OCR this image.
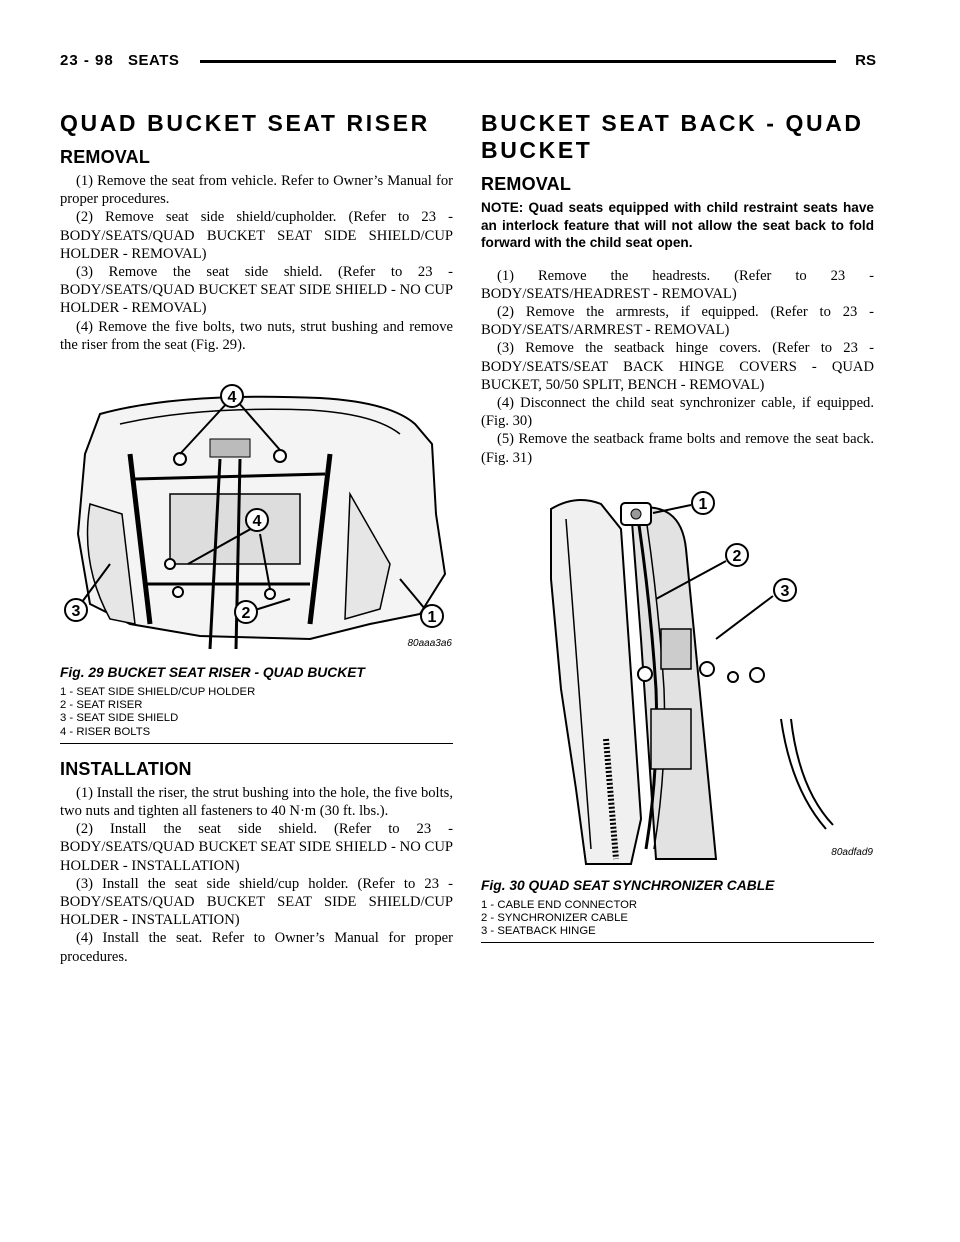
23 - 98 SEATS	RS
QUAD BUCKET SEAT RISER
REMOVAL

(1) Remove the seat from vehicle. Refer to Owner’s Manual for proper procedures.

(2) Remove seat side shield/cupholder. (Refer to 23 - BODY/SEATS/QUAD BUCKET SEAT SIDE SHIELD/CUP HOLDER - REMOVAL)

(3) Remove the seat side shield. (Refer to 23 - BODY/SEATS/QUAD BUCKET SEAT SIDE SHIELD - NO CUP HOLDER - REMOVAL)

(4) Remove the five bolts, two nuts, strut bushing and remove the riser from the seat (Fig. 29).

4
4
3	2	1
80aaa3a6
Fig. 29 BUCKET SEAT RISER - QUAD BUCKET
1 - SEAT SIDE SHIELD/CUP HOLDER
2 - SEAT RISER
3 - SEAT SIDE SHIELD
4 - RISER BOLTS
INSTALLATION

(1) Install the riser, the strut bushing into the hole, the five bolts, two nuts and tighten all fasteners to 40 N·m (30 ft. lbs.).

(2) Install the seat side shield. (Refer to 23 - BODY/SEATS/QUAD BUCKET SEAT SIDE SHIELD - NO CUP HOLDER - INSTALLATION)

(3) Install the seat side shield/cup holder. (Refer to 23 - BODY/SEATS/QUAD BUCKET SEAT SIDE SHIELD/CUP HOLDER - INSTALLATION)

(4) Install the seat. Refer to Owner’s Manual for proper procedures.

BUCKET SEAT BACK - QUAD BUCKET
REMOVAL

NOTE: Quad seats equipped with child restraint seats have an interlock feature that will not allow the seat back to fold forward with the child seat open.

(1) Remove the headrests. (Refer to 23 - BODY/SEATS/HEADREST - REMOVAL)

(2) Remove the armrests, if equipped. (Refer to 23 - BODY/SEATS/ARMREST - REMOVAL)

(3) Remove the seatback hinge covers. (Refer to 23 - BODY/SEATS/SEAT BACK HINGE COVERS - QUAD BUCKET, 50/50 SPLIT, BENCH - REMOVAL)

(4) Disconnect the child seat synchronizer cable, if equipped. (Fig. 30)

(5) Remove the seatback frame bolts and remove the seat back. (Fig. 31)

1
2
3
80adfad9
Fig. 30 QUAD SEAT SYNCHRONIZER CABLE
1 - CABLE END CONNECTOR
2 - SYNCHRONIZER CABLE
3 - SEATBACK HINGE
